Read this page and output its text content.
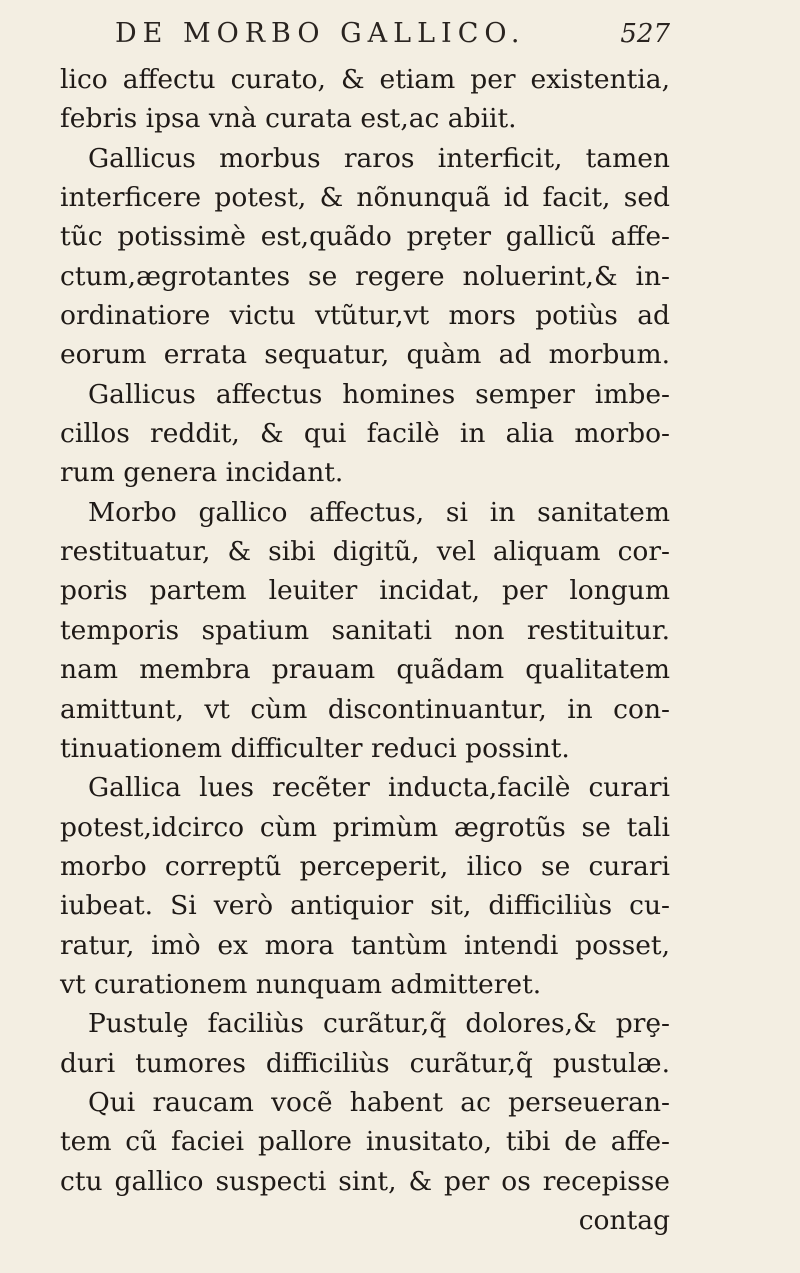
DE MORBO GALLICO.	527
lico affectu curato, & etiam per existentia,
febris ipsa vnà curata est,ac abiit.
Gallicus morbus raros interficit, tamen
interficere potest, & nõnunquã id facit, sed
tũc potissimè est,quãdo prȩter gallicũ affe-
ctum,ægrotantes se regere noluerint,& in-
ordinatiore victu vtũtur,vt mors potiùs ad
eorum errata sequatur, quàm ad morbum.
Gallicus affectus homines semper imbe-
cillos reddit, & qui facilè in alia morbo-
rum genera incidant.
Morbo gallico affectus, si in sanitatem
restituatur, & sibi digitũ, vel aliquam cor-
poris partem leuiter incidat, per longum
temporis spatium sanitati non restituitur.
nam membra prauam quãdam qualitatem
amittunt, vt cùm discontinuantur, in con-
tinuationem difficulter reduci possint.
Gallica lues recẽter inducta,facilè curari
potest,idcirco cùm primùm ægrotũs se tali
morbo correptũ perceperit, ilico se curari
iubeat. Si verò antiquior sit, difficiliùs cu-
ratur, imò ex mora tantùm intendi posset,
vt curationem nunquam admitteret.
Pustulȩ faciliùs curãtur,q̃ dolores,& prȩ-
duri tumores difficiliùs curãtur,q̃ pustulæ.
Qui raucam vocẽ habent ac perseueran-
tem cũ faciei pallore inusitato, tibi de affe-
ctu gallico suspecti sint, & per os recepisse
contag
